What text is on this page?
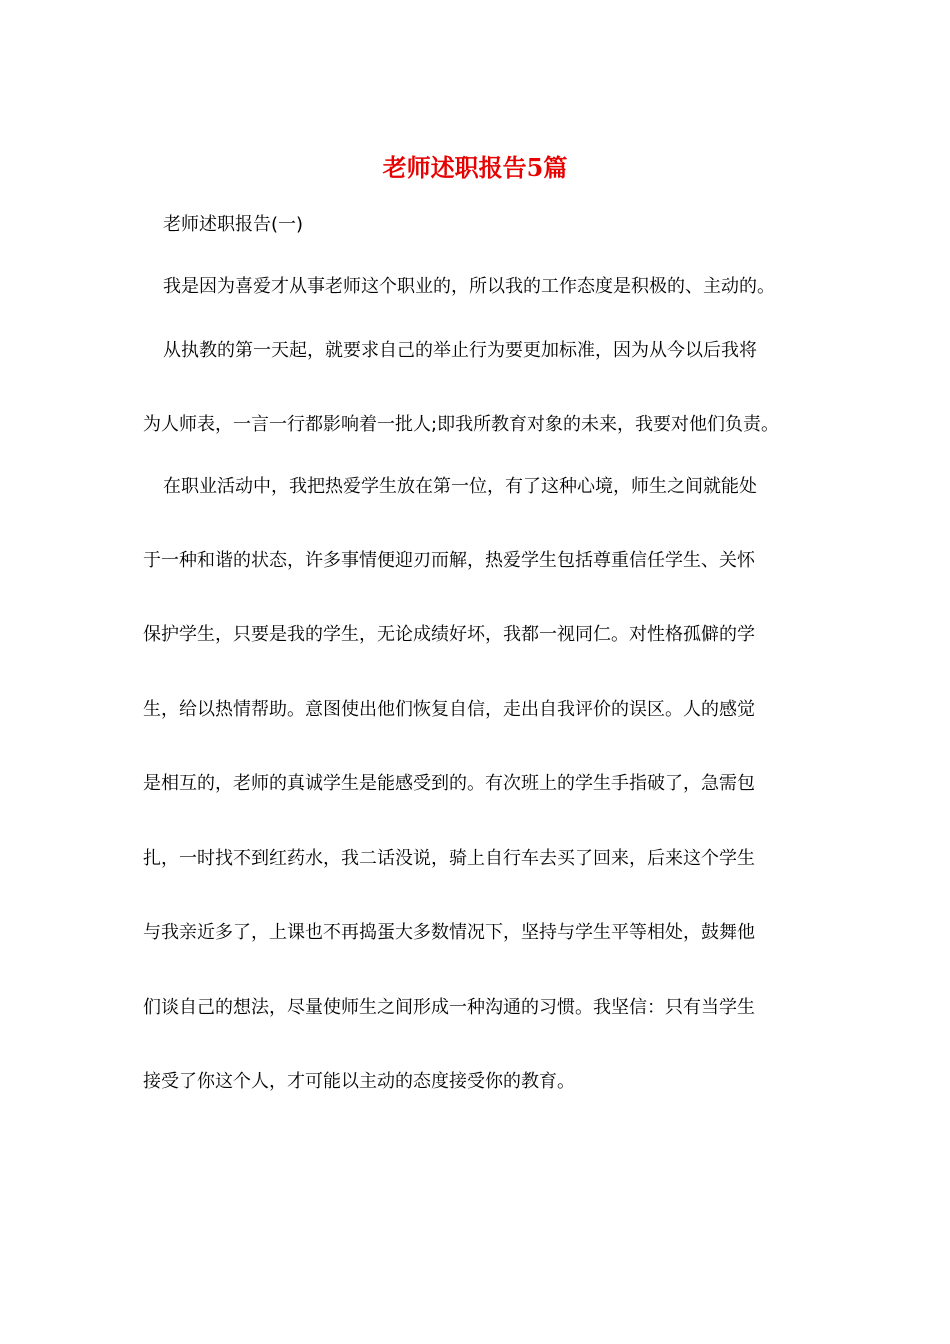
老师述职报告5篇

老师述职报告(一)

我是因为喜爱才从事老师这个职业的，所以我的工作态度是积极的、主动的。

从执教的第一天起，就要求自己的举止行为要更加标准，因为从今以后我将

为人师表，一言一行都影响着一批人;即我所教育对象的未来，我要对他们负责。

在职业活动中，我把热爱学生放在第一位，有了这种心境，师生之间就能处

于一种和谐的状态，许多事情便迎刃而解，热爱学生包括尊重信任学生、关怀

保护学生，只要是我的学生，无论成绩好坏，我都一视同仁。对性格孤僻的学

生，给以热情帮助。意图使出他们恢复自信，走出自我评价的误区。人的感觉

是相互的，老师的真诚学生是能感受到的。有次班上的学生手指破了，急需包

扎，一时找不到红药水，我二话没说，骑上自行车去买了回来，后来这个学生

与我亲近多了，上课也不再捣蛋大多数情况下，坚持与学生平等相处，鼓舞他

们谈自己的想法，尽量使师生之间形成一种沟通的习惯。我坚信：只有当学生

接受了你这个人，才可能以主动的态度接受你的教育。
